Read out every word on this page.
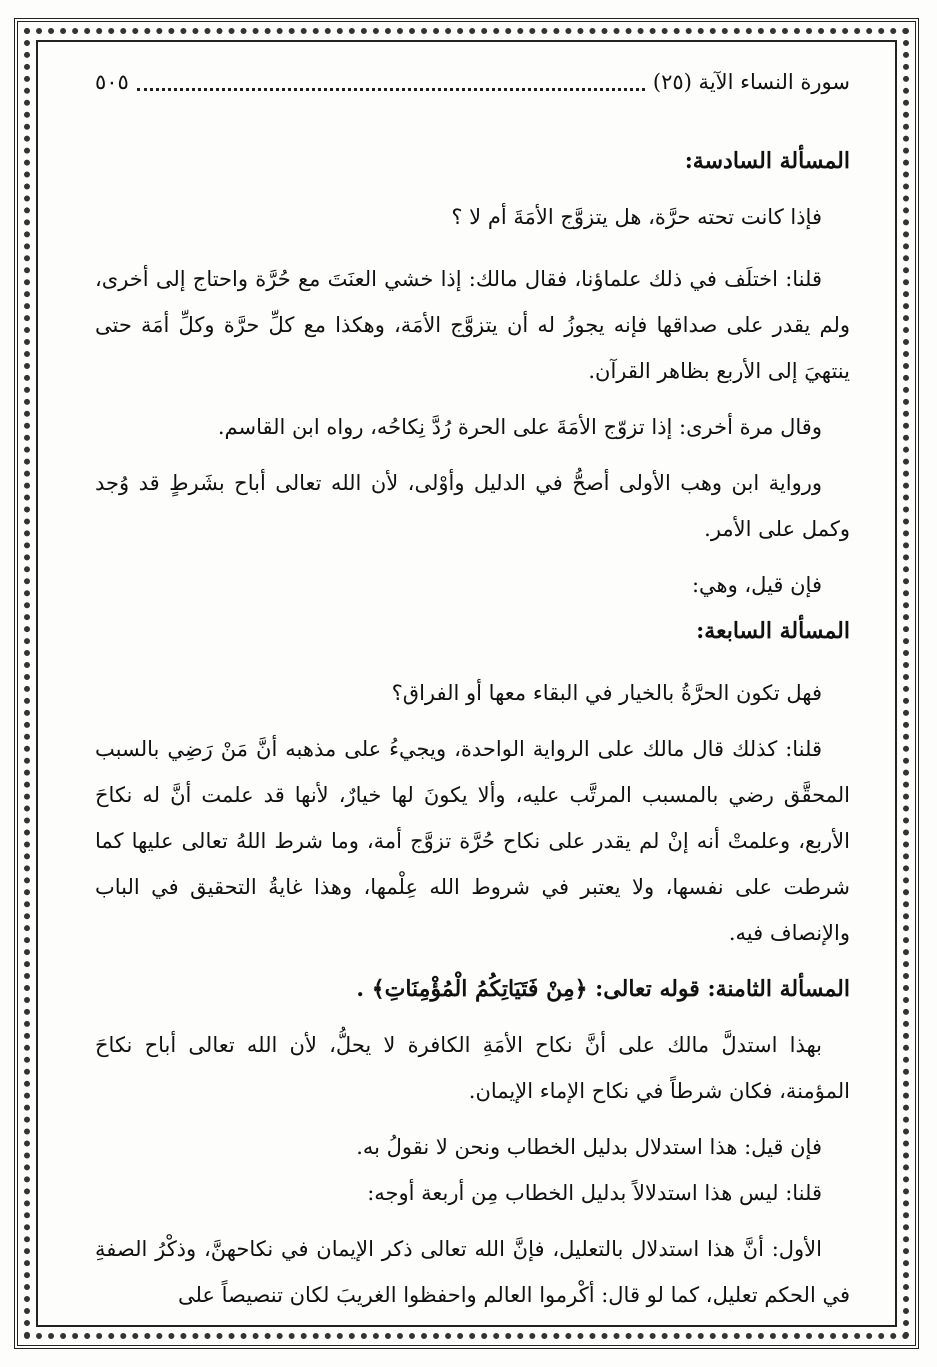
سورة النساء الآية (٢٥)
٥٠٥

المسألة السادسة:

فإذا كانت تحته حرَّة، هل يتزوَّج الأمَةَ أم لا ؟

قلنا: اختلَف في ذلك علماؤنا، فقال مالك: إذا خشي العنَتَ مع حُرَّة واحتاج إلى أخرى، ولم يقدر على صداقها فإنه يجوزُ له أن يتزوَّج الأمَة، وهكذا مع كلِّ حرَّة وكلِّ أمَة حتى ينتهيَ إلى الأربع بظاهر القرآن.

وقال مرة أخرى: إذا تزوّج الأمَةَ على الحرة رُدَّ نِكاحُه، رواه ابن القاسم.

ورواية ابن وهب الأولى أصحُّ في الدليل وأوْلى، لأن الله تعالى أباح بشَرطٍ قد وُجد وكمل على الأمر.

فإن قيل، وهي:

المسألة السابعة:

فهل تكون الحرَّةُ بالخيار في البقاء معها أو الفراق؟

قلنا: كذلك قال مالك على الرواية الواحدة، ويجيءُ على مذهبه أنَّ مَنْ رَضِي بالسبب المحقَّق رضي بالمسبب المرتَّب عليه، وألا يكونَ لها خيارٌ، لأنها قد علمت أنَّ له نكاحَ الأربع، وعلمتْ أنه إنْ لم يقدر على نكاح حُرَّة تزوَّج أمة، وما شرط اللهُ تعالى عليها كما شرطت على نفسها، ولا يعتبر في شروط الله عِلْمها، وهذا غايةُ التحقيق في الباب والإنصاف فيه.

المسألة الثامنة: قوله تعالى: ﴿مِنْ فَتَيَاتِكُمُ الْمُؤْمِنَاتِ﴾ .

بهذا استدلَّ مالك على أنَّ نكاح الأمَةِ الكافرة لا يحلُّ، لأن الله تعالى أباح نكاحَ المؤمنة، فكان شرطاً في نكاح الإماء الإيمان.

فإن قيل: هذا استدلال بدليل الخطاب ونحن لا نقولُ به.

قلنا: ليس هذا استدلالاً بدليل الخطاب مِن أربعة أوجه:

الأول: أنَّ هذا استدلال بالتعليل، فإنَّ الله تعالى ذكر الإيمان في نكاحهنَّ، وذكْرُ الصفةِ في الحكم تعليل، كما لو قال: أكْرموا العالم واحفظوا الغريبَ لكان تنصيصاً على
